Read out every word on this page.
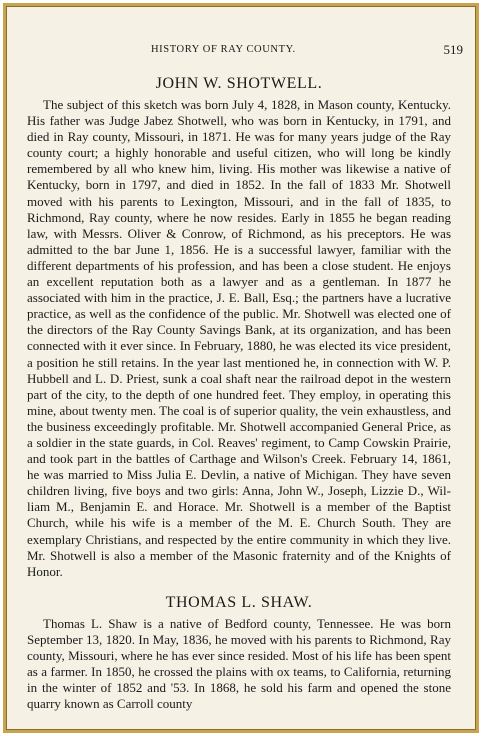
HISTORY OF RAY COUNTY.	519
JOHN W. SHOTWELL.

The subject of this sketch was born July 4, 1828, in Mason county, Kentucky. His father was Judge Jabez Shotwell, who was born in Kentucky, in 1791, and died in Ray county, Missouri, in 1871. He was for many years judge of the Ray county court; a highly honorable and useful citizen, who will long be kindly remembered by all who knew him, living. His mother was likewise a native of Kentucky, born in 1797, and died in 1852. In the fall of 1833 Mr. Shotwell moved with his parents to Lexington, Missouri, and in the fall of 1835, to Richmond, Ray county, where he now resides. Early in 1855 he began reading law, with Messrs. Oliver & Conrow, of Richmond, as his preceptors. He was admitted to the bar June 1, 1856. He is a successful lawyer, familiar with the different departments of his profession, and has been a close student. He enjoys an excellent reputation both as a lawyer and as a gentleman. In 1877 he associated with him in the practice, J. E. Ball, Esq.; the partners have a lucrative practice, as well as the confidence of the public. Mr. Shotwell was elected one of the directors of the Ray County Savings Bank, at its organization, and has been connected with it ever since. In February, 1880, he was elected its vice president, a position he still retains. In the year last mentioned he, in connection with W. P. Hubbell and L. D. Priest, sunk a coal shaft near the railroad depot in the western part of the city, to the depth of one hundred feet. They employ, in operating this mine, about twenty men. The coal is of superior quality, the vein exhaustless, and the business exceedingly profitable. Mr. Shotwell accompanied General Price, as a soldier in the state guards, in Col. Reaves' regiment, to Camp Cowskin Prairie, and took part in the battles of Carthage and Wilson's Creek. February 14, 1861, he was married to Miss Julia E. Devlin, a native of Michigan. They have seven children living, five boys and two girls: Anna, John W., Joseph, Lizzie D., William M., Benjamin E. and Horace. Mr. Shotwell is a member of the Baptist Church, while his wife is a member of the M. E. Church South. They are exemplary Christians, and respected by the entire community in which they live. Mr. Shotwell is also a member of the Masonic fraternity and of the Knights of Honor.

THOMAS L. SHAW.

Thomas L. Shaw is a native of Bedford county, Tennessee. He was born September 13, 1820. In May, 1836, he moved with his parents to Richmond, Ray county, Missouri, where he has ever since resided. Most of his life has been spent as a farmer. In 1850, he crossed the plains with ox teams, to California, returning in the winter of 1852 and '53. In 1868, he sold his farm and opened the stone quarry known as Carroll county
